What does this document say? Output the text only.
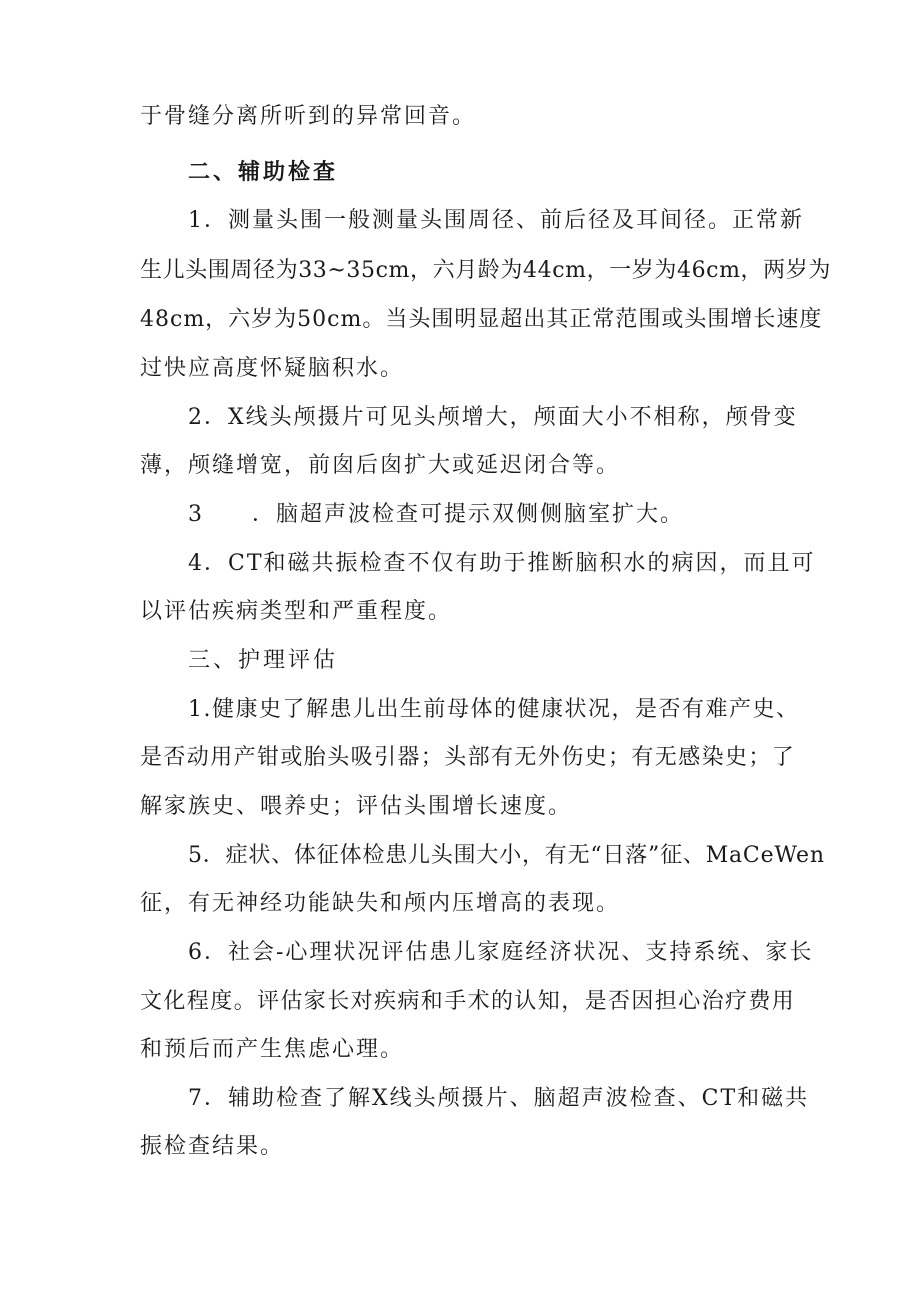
于骨缝分离所听到的异常回音。
二、辅助检查
1．测量头围一般测量头围周径、前后径及耳间径。正常新
生儿头围周径为33~35cm，六月龄为44cm，一岁为46cm，两岁为
48cm，六岁为50cm。当头围明显超出其正常范围或头围增长速度
过快应高度怀疑脑积水。
2．X线头颅摄片可见头颅增大，颅面大小不相称，颅骨变
薄，颅缝增宽，前囱后囱扩大或延迟闭合等。
3　　．脑超声波检查可提示双侧侧脑室扩大。
4．CT和磁共振检查不仅有助于推断脑积水的病因，而且可
以评估疾病类型和严重程度。
三、护理评估
1.健康史了解患儿出生前母体的健康状况，是否有难产史、
是否动用产钳或胎头吸引器；头部有无外伤史；有无感染史；了
解家族史、喂养史；评估头围增长速度。
5．症状、体征体检患儿头围大小，有无“日落”征、MaCeWen
征，有无神经功能缺失和颅内压增高的表现。
6．社会-心理状况评估患儿家庭经济状况、支持系统、家长
文化程度。评估家长对疾病和手术的认知，是否因担心治疗费用
和预后而产生焦虑心理。
7．辅助检查了解X线头颅摄片、脑超声波检查、CT和磁共
振检查结果。
